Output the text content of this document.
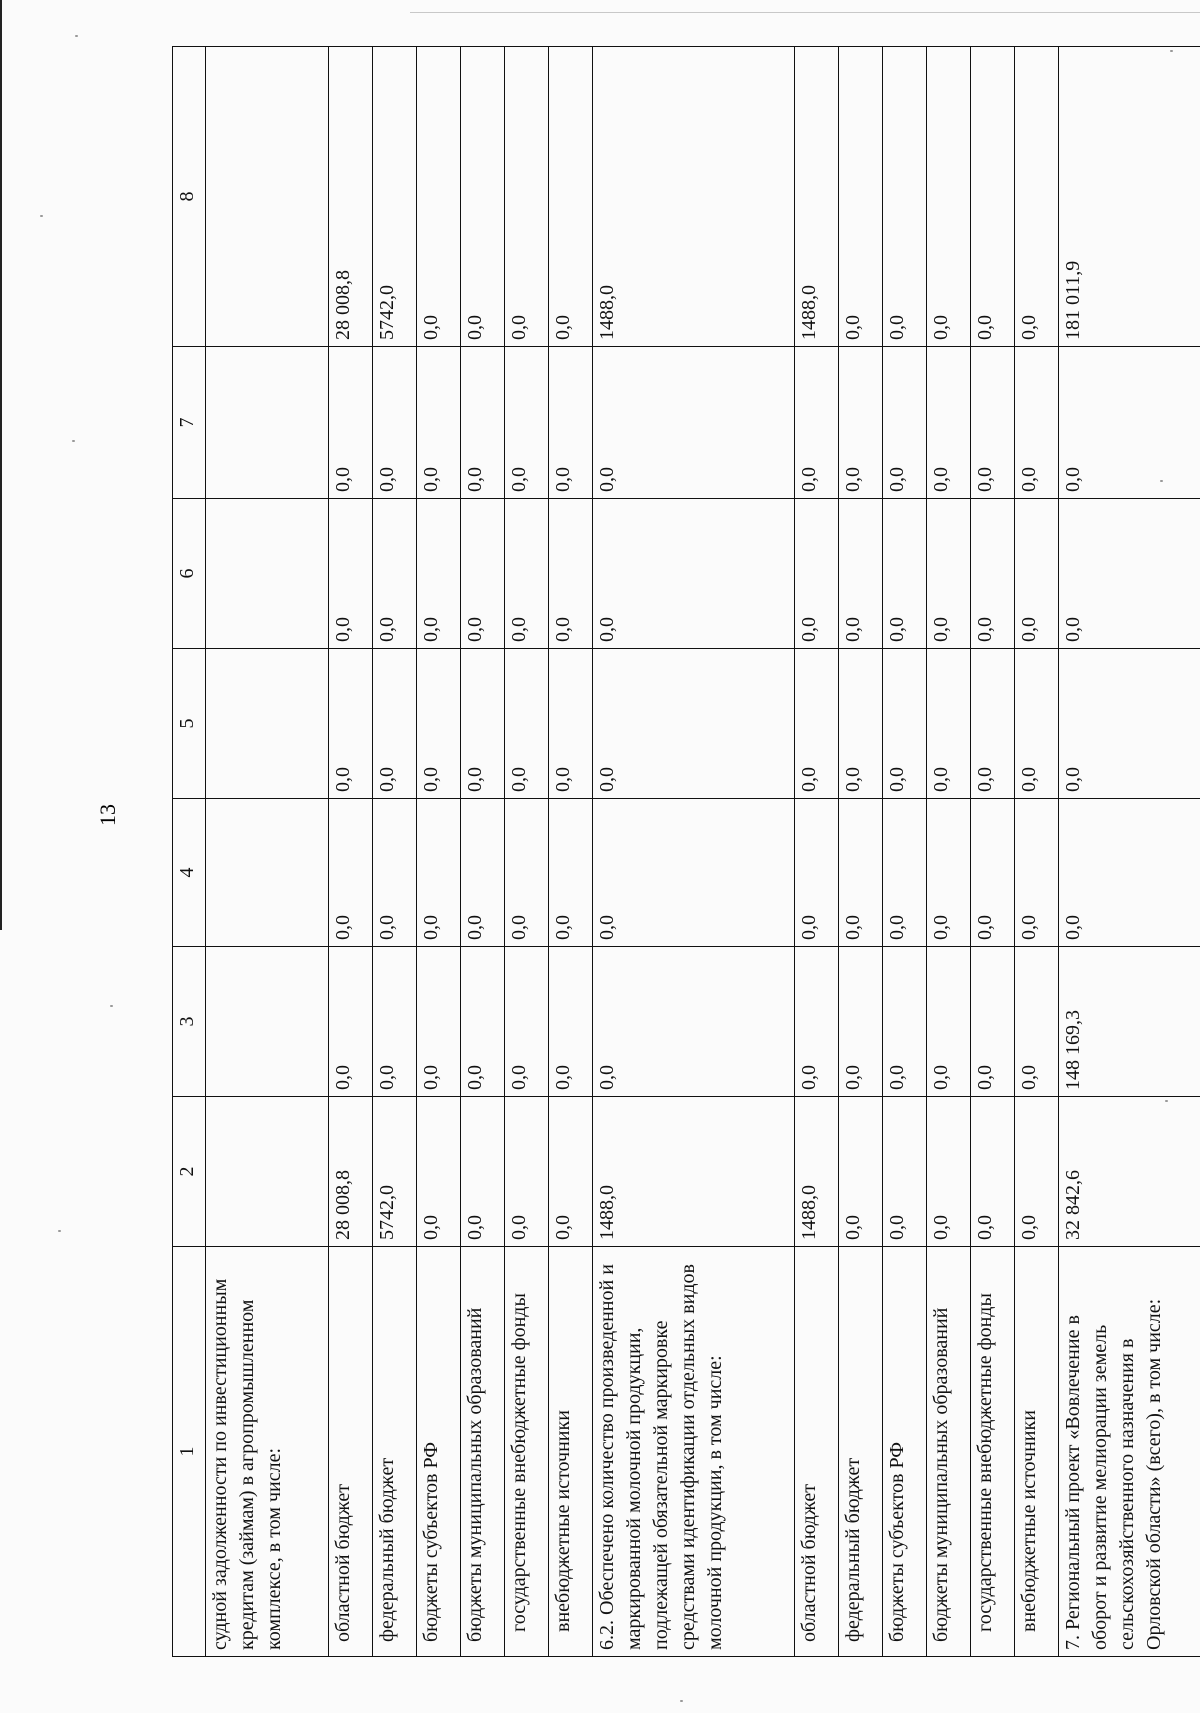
13
1	2	3	4	5	6	7	8
судной задолженности по инвестиционным кредитам (займам) в агропромышленном комплексе, в том числе:							
областной бюджет	28 008,8	0,0	0,0	0,0	0,0	0,0	28 008,8
федеральный бюджет	5742,0	0,0	0,0	0,0	0,0	0,0	5742,0
бюджеты субъектов РФ	0,0	0,0	0,0	0,0	0,0	0,0	0,0
бюджеты муниципальных образований	0,0	0,0	0,0	0,0	0,0	0,0	0,0
государственные внебюджетные фонды	0,0	0,0	0,0	0,0	0,0	0,0	0,0
внебюджетные источники	0,0	0,0	0,0	0,0	0,0	0,0	0,0
6.2. Обеспечено количество произведенной и маркированной молочной продукции, подлежащей обязательной маркировке средствами идентификации отдельных видов молочной продукции, в том числе:	1488,0	0,0	0,0	0,0	0,0	0,0	1488,0
областной бюджет	1488,0	0,0	0,0	0,0	0,0	0,0	1488,0
федеральный бюджет	0,0	0,0	0,0	0,0	0,0	0,0	0,0
бюджеты субъектов РФ	0,0	0,0	0,0	0,0	0,0	0,0	0,0
бюджеты муниципальных образований	0,0	0,0	0,0	0,0	0,0	0,0	0,0
государственные внебюджетные фонды	0,0	0,0	0,0	0,0	0,0	0,0	0,0
внебюджетные источники	0,0	0,0	0,0	0,0	0,0	0,0	0,0
7. Региональный проект «Вовлечение в оборот и развитие мелиорации земель сельскохозяйственного назначения в Орловской области» (всего), в том числе:	32 842,6	148 169,3	0,0	0,0	0,0	0,0	181 011,9
